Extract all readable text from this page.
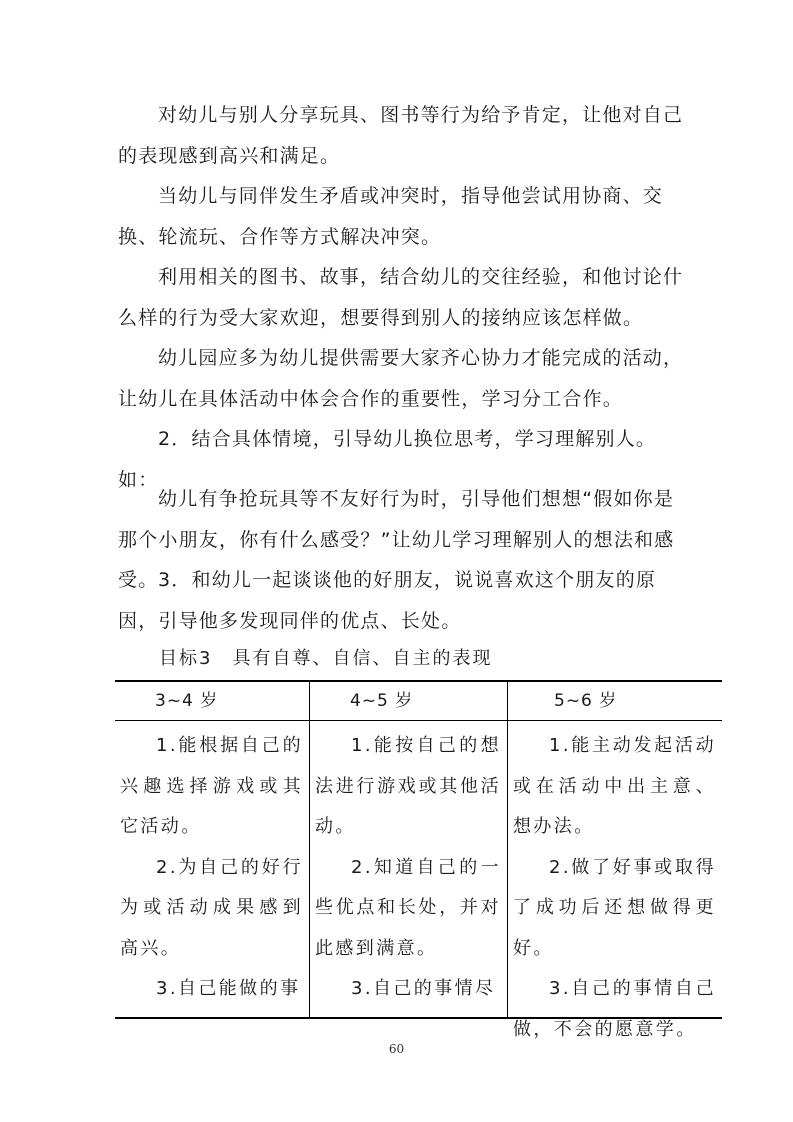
对幼儿与别人分享玩具、图书等行为给予肯定，让他对自己的表现感到高兴和满足。

当幼儿与同伴发生矛盾或冲突时，指导他尝试用协商、交换、轮流玩、合作等方式解决冲突。

利用相关的图书、故事，结合幼儿的交往经验，和他讨论什么样的行为受大家欢迎，想要得到别人的接纳应该怎样做。

幼儿园应多为幼儿提供需要大家齐心协力才能完成的活动，让幼儿在具体活动中体会合作的重要性，学习分工合作。

2．结合具体情境，引导幼儿换位思考，学习理解别人。如：

幼儿有争抢玩具等不友好行为时，引导他们想想“假如你是那个小朋友，你有什么感受？”让幼儿学习理解别人的想法和感受。 3．和幼儿一起谈谈他的好朋友，说说喜欢这个朋友的原因，引导他多发现同伴的优点、长处。

目标3　具有自尊、自信、自主的表现

3~4 岁

1.能根据自己的兴趣选择游戏或其它活动。

2.为自己的好行为或活动成果感到高兴。

3.自己能做的事

4~5 岁

1.能按自己的想法进行游戏或其他活动。

2.知道自己的一些优点和长处，并对此感到满意。

3.自己的事情尽

5~6 岁

1.能主动发起活动或在活动中出主意、想办法。

2.做了好事或取得了成功后还想做得更好。

3.自己的事情自己做，不会的愿意学。

60
